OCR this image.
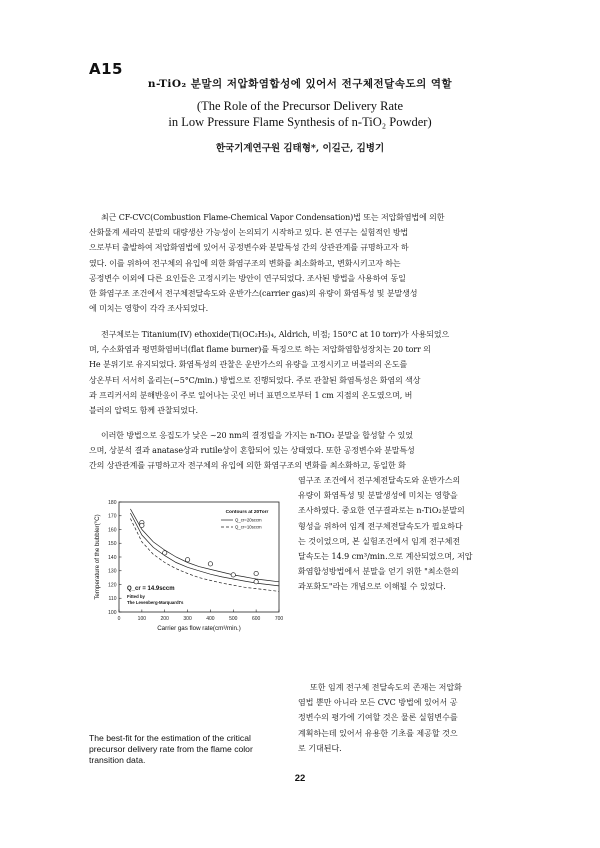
A15
n-TiO₂ 분말의 저압화염합성에 있어서 전구체전달속도의 역할
(The Role of the Precursor Delivery Rate
in Low Pressure Flame Synthesis of n-TiO₂ Powder)
한국기계연구원 김태형*, 이길근, 김병기
최근 CF-CVC(Combustion Flame-Chemical Vapor Condensation)법 또는 저압화염법에 의한
산화물계 세라믹 분말의 대량생산 가능성이 논의되기 시작하고 있다. 본 연구는 실험적인 방법
으로부터 출발하여 저압화염법에 있어서 공정변수와 분말특성 간의 상관관계를 규명하고자 하
였다. 이를 위하여 전구체의 유입에 의한 화염구조의 변화를 최소화하고, 변화시키고자 하는
공정변수 이외에 다른 요인들은 고정시키는 방안이 연구되었다. 조사된 방법을 사용하여 동일
한 화염구조 조건에서 전구체전달속도와 운반가스(carrier gas)의 유량이 화염특성 및 분말생성
에 미치는 영향이 각각 조사되었다.
전구체로는 Titanium(IV) ethoxide(Ti(OC₂H₅)₄, Aldrich, 비점; 150°C at 10 torr)가 사용되었으
며, 수소화염과 평면화염버너(flat flame burner)를 특징으로 하는 저압화염합성장치는 20 torr 의
He 분위기로 유지되었다. 화염특성의 관찰은 운반가스의 유량을 고정시키고 버블러의 온도를
상온부터 서서히 올리는(~5°C/min.) 방법으로 진행되었다. 주로 관찰된 화염특성은 화염의 색상
과 프리커서의 분해반응이 주로 일어나는 곳인 버너 표면으로부터 1 cm 지점의 온도였으며, 버
블러의 압력도 함께 관찰되었다.
이러한 방법으로 응집도가 낮은 ~20 nm의 결정립을 가지는 n-TiO₂ 분말을 합성할 수 있었
으며, 상분석 결과 anatase상과 rutile상이 혼합되어 있는 상태였다. 또한 공정변수와 분말특성
간의 상관관계를 규명하고자 전구체의 유입에 의한 화염구조의 변화를 최소화하고, 동일한 화
0	100	200	300	400	500	600	700
100
110
120
130
140
150
160
170
180
Carrier gas flow rate(cm³/min.)
Temperature of the bubbler(°C)
Contours at 20Torr
Q_cr=20sccm
Q_cr=10sccm
Q_cr = 14.9sccm
Fitted by
The Levenberg-Marquardt's
The best-fit for the estimation of the critical precursor delivery rate from the flame color transition data.
염구조 조건에서 전구체전달속도와 운반가스의
유량이 화염특성 및 분말생성에 미치는 영향을
조사하였다. 중요한 연구결과로는 n-TiO₂분말의
형성을 위하여 임계 전구체전달속도가 필요하다
는 것이었으며, 본 실험조건에서 임계 전구체전
달속도는 14.9 cm³/min.으로 계산되었으며, 저압
화염합성방법에서 분말을 얻기 위한 "최소한의
과포화도"라는 개념으로 이해될 수 있었다.
또한 임계 전구체 전달속도의 존재는 저압화
염법 뿐만 아니라 모든 CVC 방법에 있어서 공
정변수의 평가에 기여할 것은 물론 실험변수를
계획하는데 있어서 유용한 기초를 제공할 것으
로 기대된다.
22
